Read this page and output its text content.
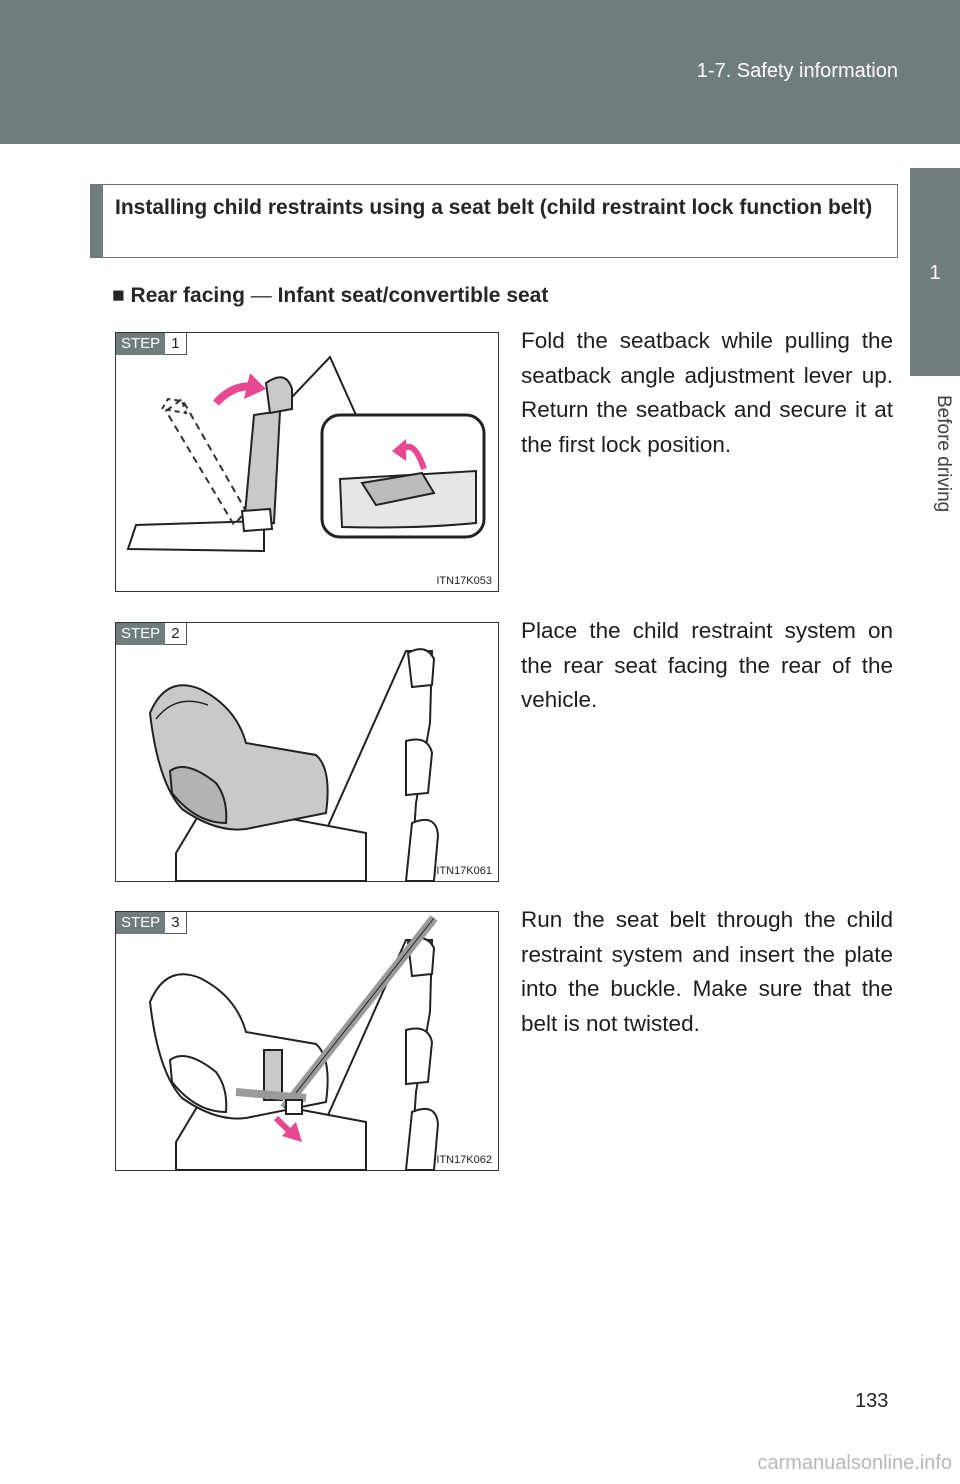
1-7. Safety information
1
Before driving
Installing child restraints using a seat belt (child restraint lock function belt)
■ Rear facing — Infant seat/convertible seat
STEP 1
ITN17K053
Fold the seatback while pulling the seatback angle adjustment lever up. Return the seatback and secure it at the first lock position.
STEP 2
ITN17K061
Place the child restraint system on the rear seat facing the rear of the vehicle.
STEP 3
ITN17K062
Run the seat belt through the child restraint system and insert the plate into the buckle. Make sure that the belt is not twisted.
133
carmanualsonline.info
